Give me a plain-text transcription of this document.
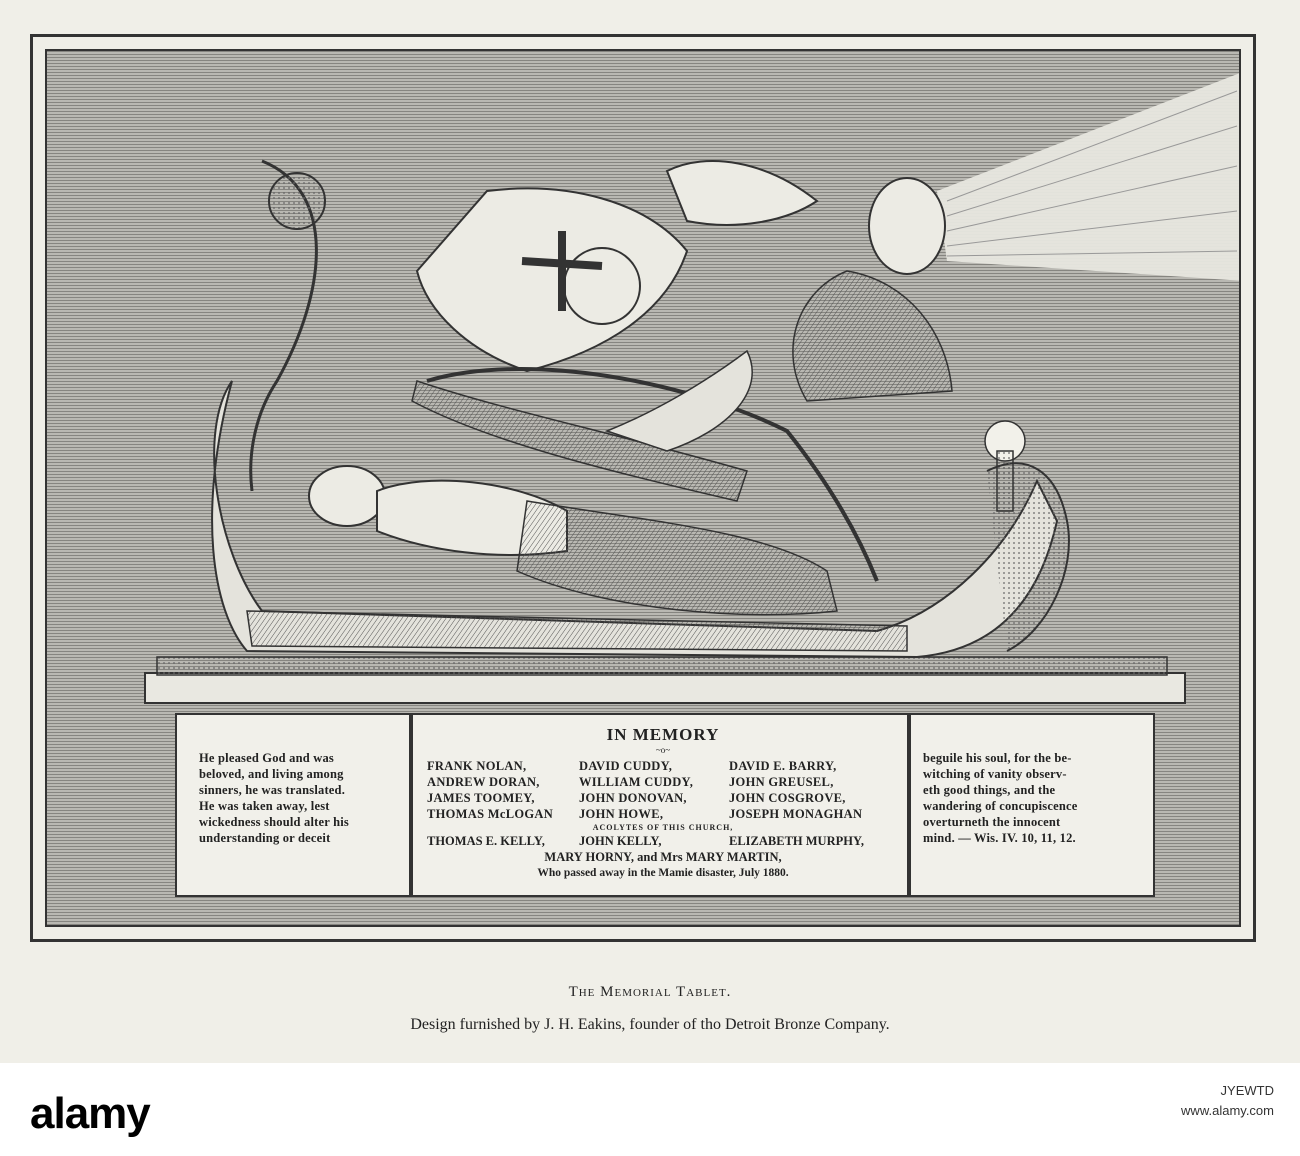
He pleased God and was

beloved, and living among

sinners, he was translated.

He was taken away, lest

wickedness should alter his

understanding or deceit

IN MEMORY

~o~

FRANK NOLAN,	DAVID CUDDY,	DAVID E. BARRY,
ANDREW DORAN,	WILLIAM CUDDY,	JOHN GREUSEL,
JAMES TOOMEY,	JOHN DONOVAN,	JOHN COSGROVE,
THOMAS McLOGAN	JOHN HOWE,	JOSEPH MONAGHAN

ACOLYTES OF THIS CHURCH,

THOMAS E. KELLY,	JOHN KELLY,	ELIZABETH MURPHY,

MARY HORNY, and Mrs MARY MARTIN,

Who passed away in the Mamie disaster, July 1880.

beguile his soul, for the be-

witching of vanity observ-

eth good things, and the

wandering of concupiscence

overturneth the innocent

mind. — Wis. IV. 10, 11, 12.

The Memorial Tablet.
Design furnished by J. H. Eakins, founder of tho Detroit Bronze Company.
alamy	JYEWTD
www.alamy.com
